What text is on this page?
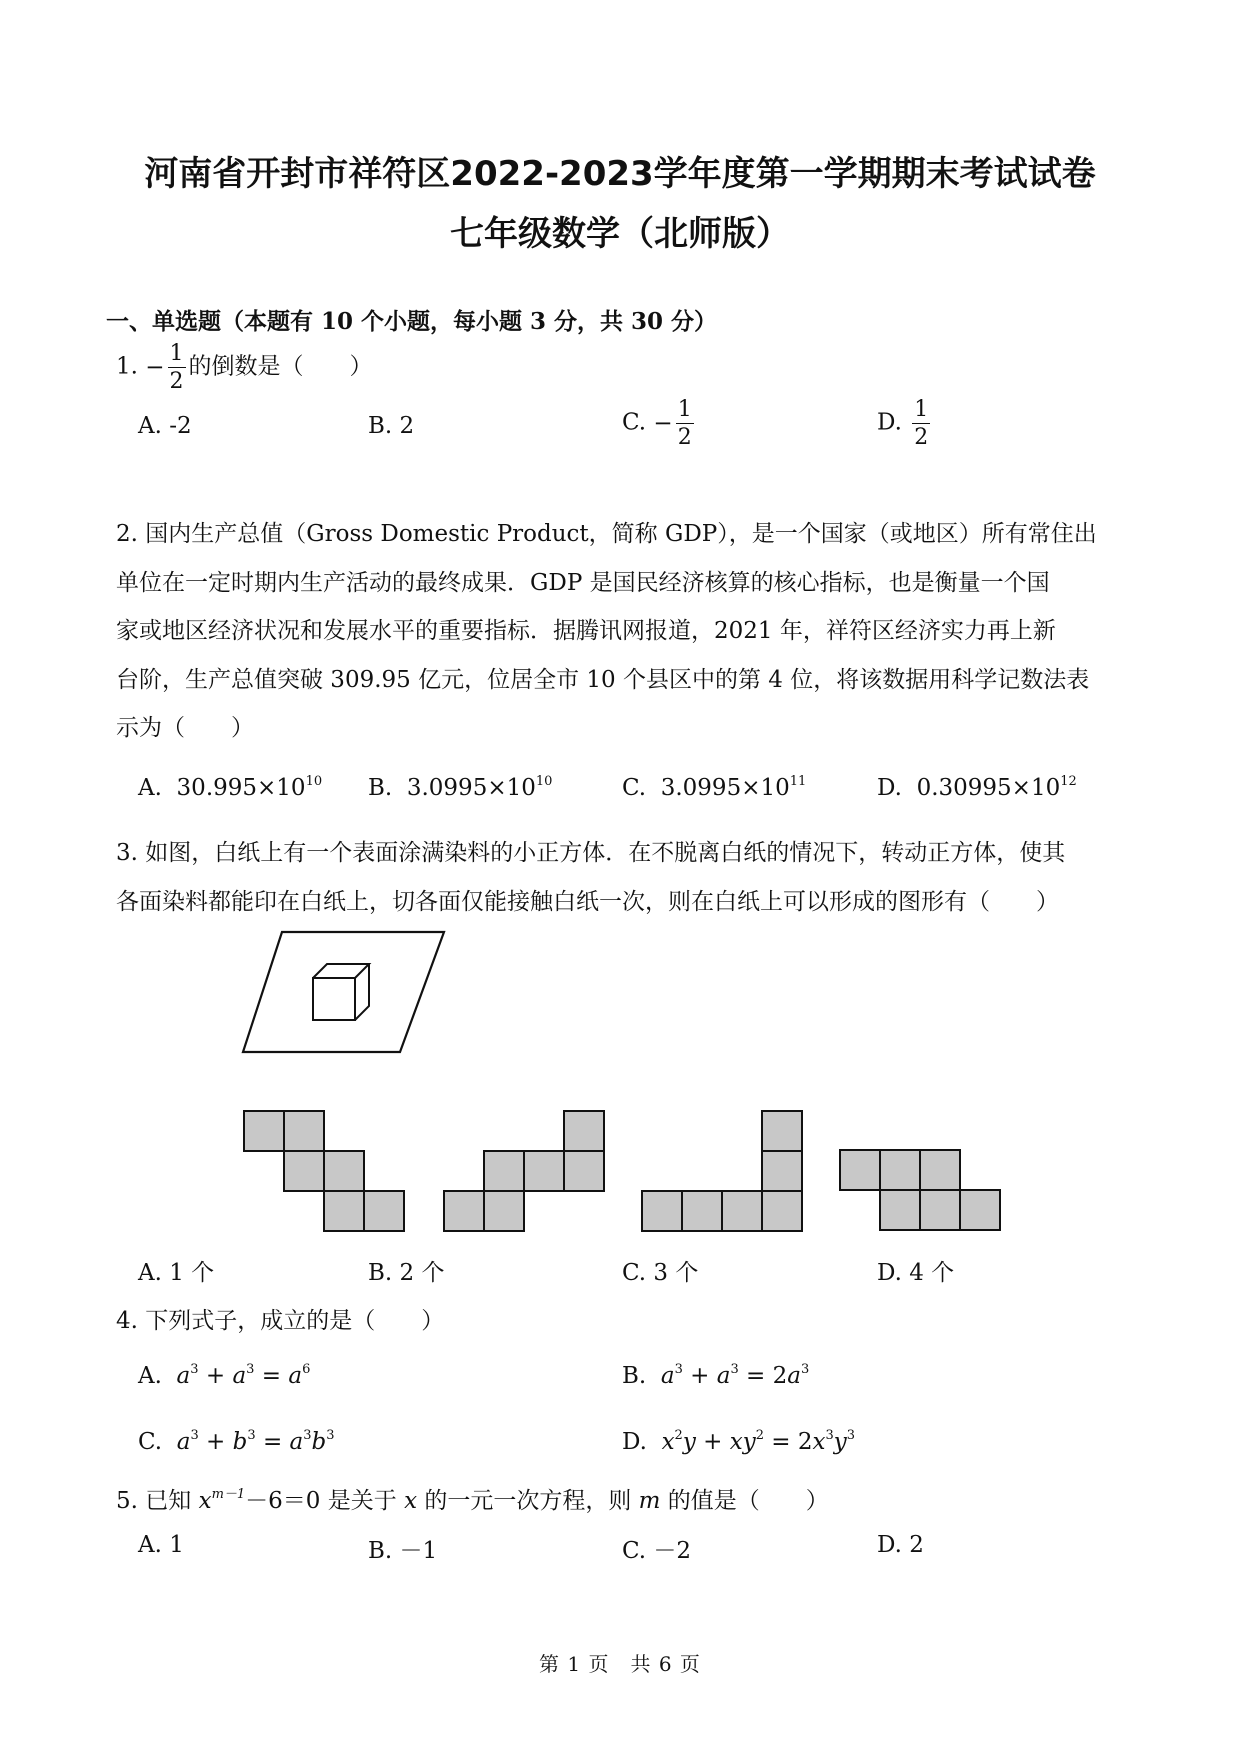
河南省开封市祥符区2022-2023学年度第一学期期末考试试卷
七年级数学（北师版）
一、单选题（本题有 10 个小题，每小题 3 分，共 30 分）
1. − $\frac{1}{2}$ 的倒数是（　　）
A. -2	B. 2	C. − $\frac{1}{2}$	D. $\frac{1}{2}$
2. 国内生产总值（Gross Domestic Product，简称 GDP），是一个国家（或地区）所有常住出
单位在一定时期内生产活动的最终成果．GDP 是国民经济核算的核心指标，也是衡量一个国
家或地区经济状况和发展水平的重要指标．据腾讯网报道，2021 年，祥符区经济实力再上新
台阶，生产总值突破 309.95 亿元，位居全市 10 个县区中的第 4 位，将该数据用科学记数法表
示为（　　）
A. $30.995\times 10^{10}$ B. $3.0995\times 10^{10}$	C. $3.0995\times 10^{11}$	D. $0.30995\times 10^{12}$
3. 如图，白纸上有一个表面涂满染料的小正方体．在不脱离白纸的情况下，转动正方体，使其
各面染料都能印在白纸上，切各面仅能接触白纸一次，则在白纸上可以形成的图形有（　　）
A. 1 个	B. 2 个	C. 3 个	D. 4 个
4. 下列式子，成立的是（　　）
A. $a^3 + a^3 = a^6$	B. $a^3 + a^3 = 2a^3$
C. $a^3 + b^3 = a^3b^3$	D. $x^2y + xy^2 = 2x^3y^3$
5. 已知 $x^{m-1}-6=0$ 是关于 x 的一元一次方程，则 m 的值是（　　）
A. 1	B. －1	C. －2	D. 2
第 1 页　共 6 页
